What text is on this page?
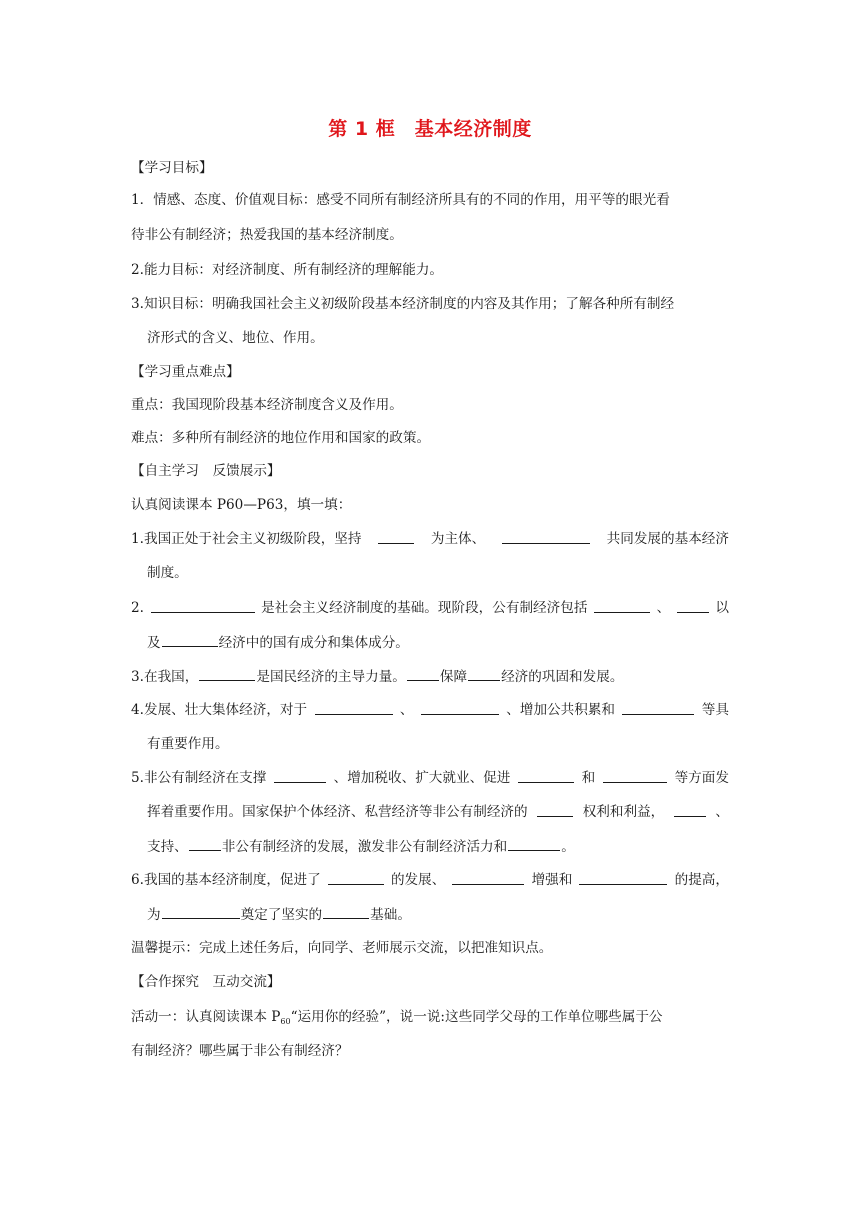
第 1 框　基本经济制度
【学习目标】
1．情感、态度、价值观目标：感受不同所有制经济所具有的不同的作用，用平等的眼光看
待非公有制经济；热爱我国的基本经济制度。
2.能力目标：对经济制度、所有制经济的理解能力。
3.知识目标：明确我国社会主义初级阶段基本经济制度的内容及其作用；了解各种所有制经
济形式的含义、地位、作用。
【学习重点难点】
重点：我国现阶段基本经济制度含义及作用。
难点：多种所有制经济的地位作用和国家的政策。
【自主学习　反馈展示】
认真阅读课本 P60—P63，填一填：
1.我国正处于社会主义初级阶段，坚持	为主体、	共同发展的基本经济
制度。
2.	是社会主义经济制度的基础。现阶段，公有制经济包括	、	以
及	经济中的国有成分和集体成分。
3.在我国，	是国民经济的主导力量。	保障	经济的巩固和发展。
4.发展、壮大集体经济，对于	、	、增加公共积累和	等具
有重要作用。
5.非公有制经济在支撑	、增加税收、扩大就业、促进	和	等方面发
挥着重要作用。国家保护个体经济、私营经济等非公有制经济的	权利和利益，	、
支持、	非公有制经济的发展，激发非公有制经济活力和	。
6.我国的基本经济制度，促进了	的发展、	增强和	的提高，
为	奠定了坚实的	基础。
温馨提示：完成上述任务后，向同学、老师展示交流，以把准知识点。
【合作探究　互动交流】
活动一：认真阅读课本 $P_{60}“$运用你的经验”，说一说:这些同学父母的工作单位哪些属于公
有制经济？哪些属于非公有制经济？
